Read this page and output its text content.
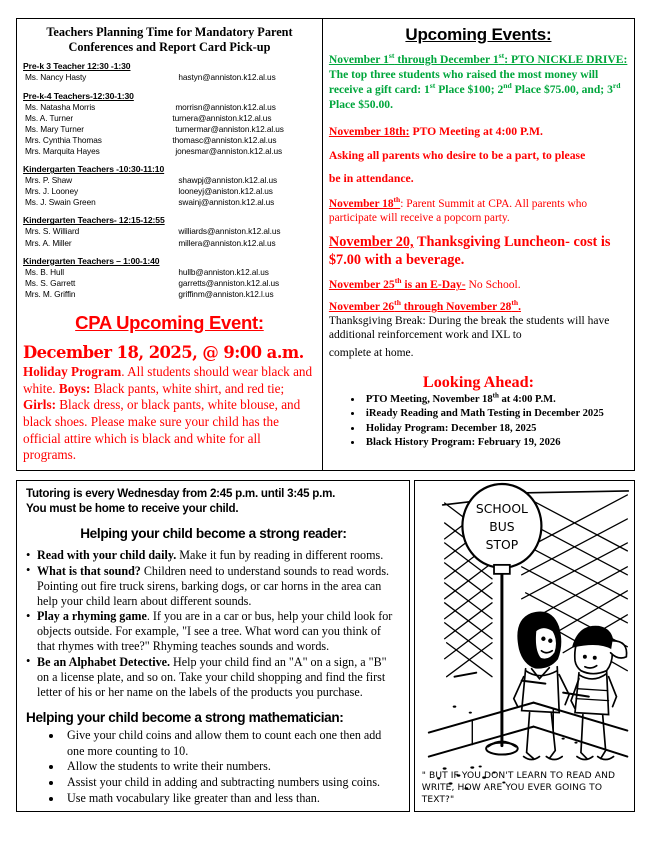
Teachers Planning Time for Mandatory Parent Conferences and Report Card Pick-up
Pre-k 3 Teacher 12:30 -1:30
Ms. Nancy Hasty	hastyn@anniston.k12.al.us
Pre-k-4 Teachers-12:30-1:30
Ms. Natasha Morris	morrisn@anniston.k12.al.us
Ms. A. Turner	turnera@anniston.k12.al.us
Ms. Mary Turner	turnermar@anniston.k12.al.us
Mrs. Cynthia Thomas	thomasc@anniston.k12.al.us
Mrs. Marquita Hayes	jonesmar@anniston.k12.al.us
Kindergarten Teachers -10:30-11:10
Mrs. P. Shaw	shawpj@anniston.k12.al.us
Mrs. J. Looney	looneyj@aniston.k12.al.us
Ms. J. Swain Green	swainj@anniston.k12.al.us
Kindergarten Teachers- 12:15-12:55
Mrs. S. Williard	williards@anniston.k12.al.us
Mrs. A. Miller	millera@anniston.k12.al.us
Kindergarten Teachers – 1:00-1:40
Ms. B. Hull	hullb@anniston.k12.al.us
Ms. S. Garrett	garretts@anniston.k12.al.us
Mrs. M. Griffin	griffinm@anniston.k12.l.us
CPA Upcoming Event:
December 18, 2025, @ 9:00 a.m.

Holiday Program. All students should wear black and white. Boys: Black pants, white shirt, and red tie; Girls: Black dress, or black pants, white blouse, and black shoes. Please make sure your child has the official attire which is black and white for all programs.

Upcoming Events:
November 1st through December 1st: PTO NICKLE DRIVE: The top three students who raised the most money will receive a gift card: 1st Place $100; 2nd Place $75.00, and; 3rd Place $50.00.
November 18th: PTO Meeting at 4:00 P.M.
Asking all parents who desire to be a part, to please
be in attendance.
November 18th: Parent Summit at CPA. All parents who participate will receive a popcorn party.
November 20, Thanksgiving Luncheon- cost is $7.00 with a beverage.
November 25th is an E-Day- No School.
November 26th through November 28th.
Thanksgiving Break: During the break the students will have additional reinforcement work and IXL to
complete at home.
Looking Ahead:
• PTO Meeting, November 18th at 4:00 P.M.
• iReady Reading and Math Testing in December 2025
• Holiday Program: December 18, 2025
• Black History Program: February 19, 2026
Tutoring is every Wednesday from 2:45 p.m. until 3:45 p.m.
You must be home to receive your child.
Helping your child become a strong reader:
• Read with your child daily. Make it fun by reading in different rooms.
• What is that sound? Children need to understand sounds to read words. Pointing out fire truck sirens, barking dogs, or car horns in the area can help your child learn about different sounds.
• Play a rhyming game. If you are in a car or bus, help your child look for objects outside. For example, "I see a tree. What word can you think of that rhymes with tree?" Rhyming teaches sounds and words.
• Be an Alphabet Detective. Help your child find an "A" on a sign, a "B" on a license plate, and so on. Take your child shopping and find the first letter of his or her name on the labels of the products you purchase.
Helping your child become a strong mathematician:
• Give your child coins and allow them to count each one then add one more counting to 10.
• Allow the students to write their numbers.
• Assist your child in adding and subtracting numbers using coins.
• Use math vocabulary like greater than and less than.
SCHOOL
BUS
STOP
" BUT IF YOU DON'T LEARN TO READ AND
WRITE, HOW ARE YOU EVER GOING TO TEXT?"
